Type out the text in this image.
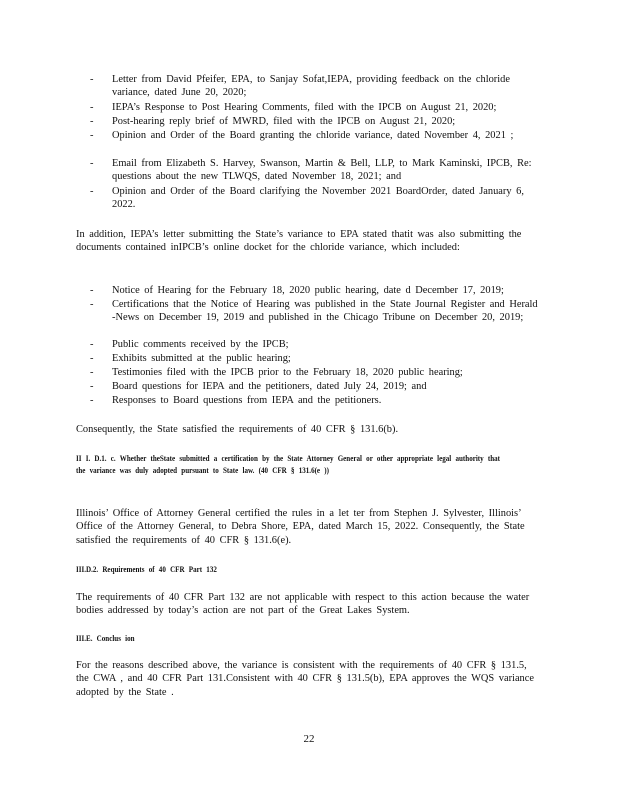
-	Letter from David Pfeifer, EPA, to Sanjay Sofat,IEPA, providing feedback on the chloride variance, dated June 20, 2020;
-	IEPA’s Response to Post Hearing Comments, filed with the IPCB on August 21, 2020;
-	Post-hearing reply brief of MWRD, filed with the IPCB on August 21, 2020;
-	Opinion and Order of the Board granting the chloride variance, dated November 4, 2021 ;
-	Email from Elizabeth S. Harvey, Swanson, Martin & Bell, LLP, to Mark Kaminski, IPCB, Re: questions about the new TLWQS, dated November 18, 2021; and
-	Opinion and Order of the Board clarifying the November 2021 BoardOrder, dated January 6, 2022.
In addition, IEPA’s letter submitting the State’s variance to EPA stated thatit was also submitting the documents contained inIPCB’s online docket for the chloride variance, which included:
-	Notice of Hearing for the February 18, 2020 public hearing, date d December 17, 2019;
-	Certifications that the Notice of Hearing was published in the State Journal Register and Herald -News on December 19, 2019 and published in the Chicago Tribune on December 20, 2019;
-	Public comments received by the IPCB;
-	Exhibits submitted at the public hearing;
-	Testimonies filed with the IPCB prior to the February 18, 2020 public hearing;
-	Board questions for IEPA and the petitioners, dated July 24, 2019; and
-	Responses to Board questions from IEPA and the petitioners.
Consequently, the State satisfied the requirements of 40 CFR § 131.6(b).
II I. D.1. c. Whether theState submitted a certification by the State Attorney General or other appropriate legal authority that the variance was duly adopted pursuant to State law. (40 CFR § 131.6(e ))
Illinois’ Office of Attorney General certified the rules in a let ter from Stephen J. Sylvester, Illinois’ Office of the Attorney General, to Debra Shore, EPA, dated March 15, 2022. Consequently, the State satisfied the requirements of 40 CFR § 131.6(e).
III.D.2. Requirements of 40 CFR Part 132
The requirements of 40 CFR Part 132 are not applicable with respect to this action because the water bodies addressed by today’s action are not part of the Great Lakes System.
III.E. Conclus ion
For the reasons described above, the variance is consistent with the requirements of 40 CFR § 131.5, the CWA , and 40 CFR Part 131.Consistent with 40 CFR § 131.5(b), EPA approves the WQS variance adopted by the State .
22
